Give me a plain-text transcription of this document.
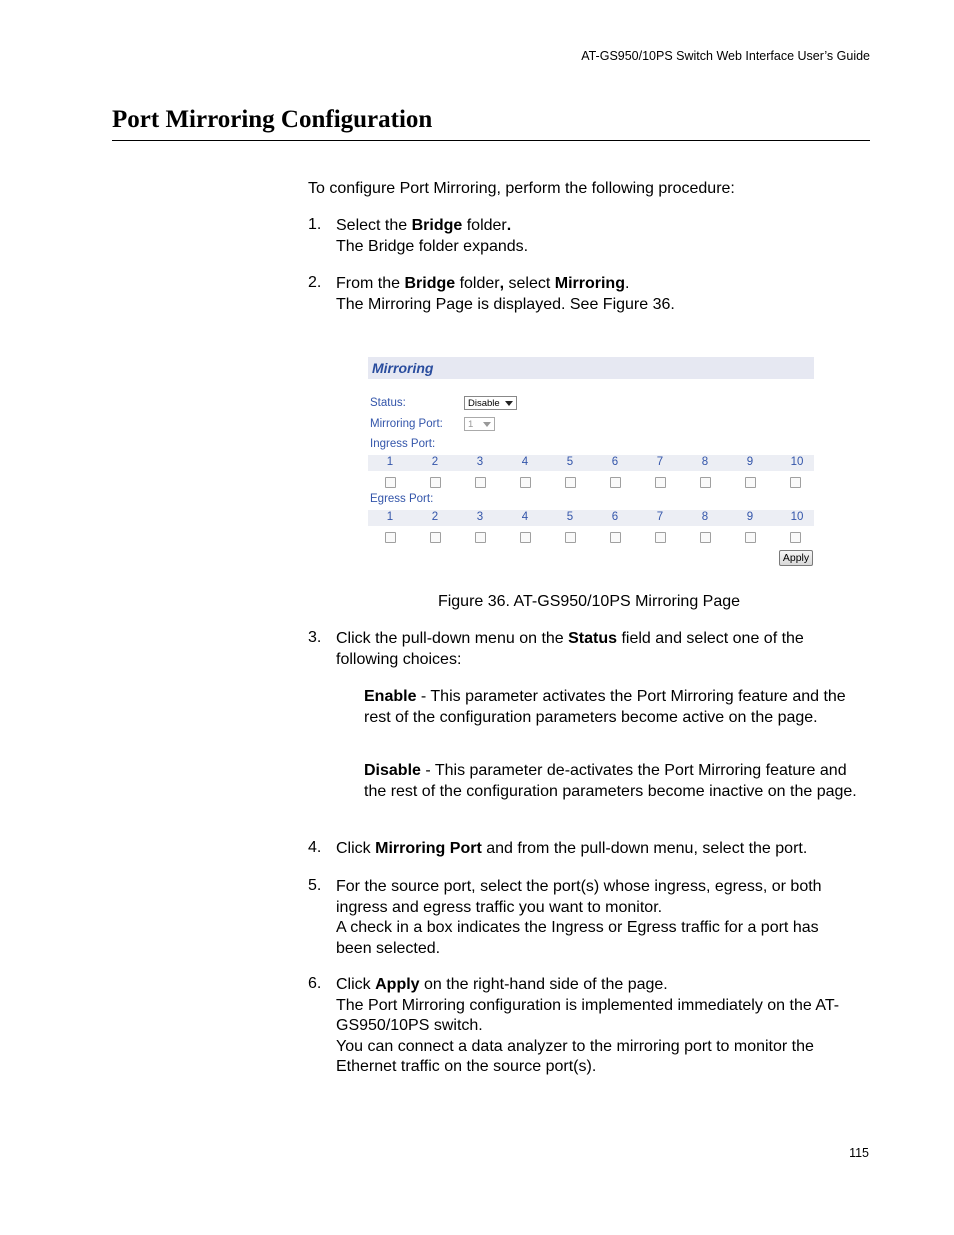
AT-GS950/10PS Switch Web Interface User’s Guide
Port Mirroring Configuration
To configure Port Mirroring, perform the following procedure:
1. Select the Bridge folder.
The Bridge folder expands.
2. From the Bridge folder, select Mirroring.
The Mirroring Page is displayed. See Figure 36.
Mirroring
Status:	Disable
Mirroring Port:	1
Ingress Port:
1	2	3	4	5	6	7	8	9	10
Egress Port:
1	2	3	4	5	6	7	8	9	10
Apply
Figure 36. AT-GS950/10PS Mirroring Page
3. Click the pull-down menu on the Status field and select one of the following choices:
Enable - This parameter activates the Port Mirroring feature and the rest of the configuration parameters become active on the page.
Disable - This parameter de-activates the Port Mirroring feature and the rest of the configuration parameters become inactive on the page.
4. Click Mirroring Port and from the pull-down menu, select the port.
5. For the source port, select the port(s) whose ingress, egress, or both ingress and egress traffic you want to monitor.
A check in a box indicates the Ingress or Egress traffic for a port has been selected.
6. Click Apply on the right-hand side of the page.
The Port Mirroring configuration is implemented immediately on the AT-GS950/10PS switch.
You can connect a data analyzer to the mirroring port to monitor the Ethernet traffic on the source port(s).
115
